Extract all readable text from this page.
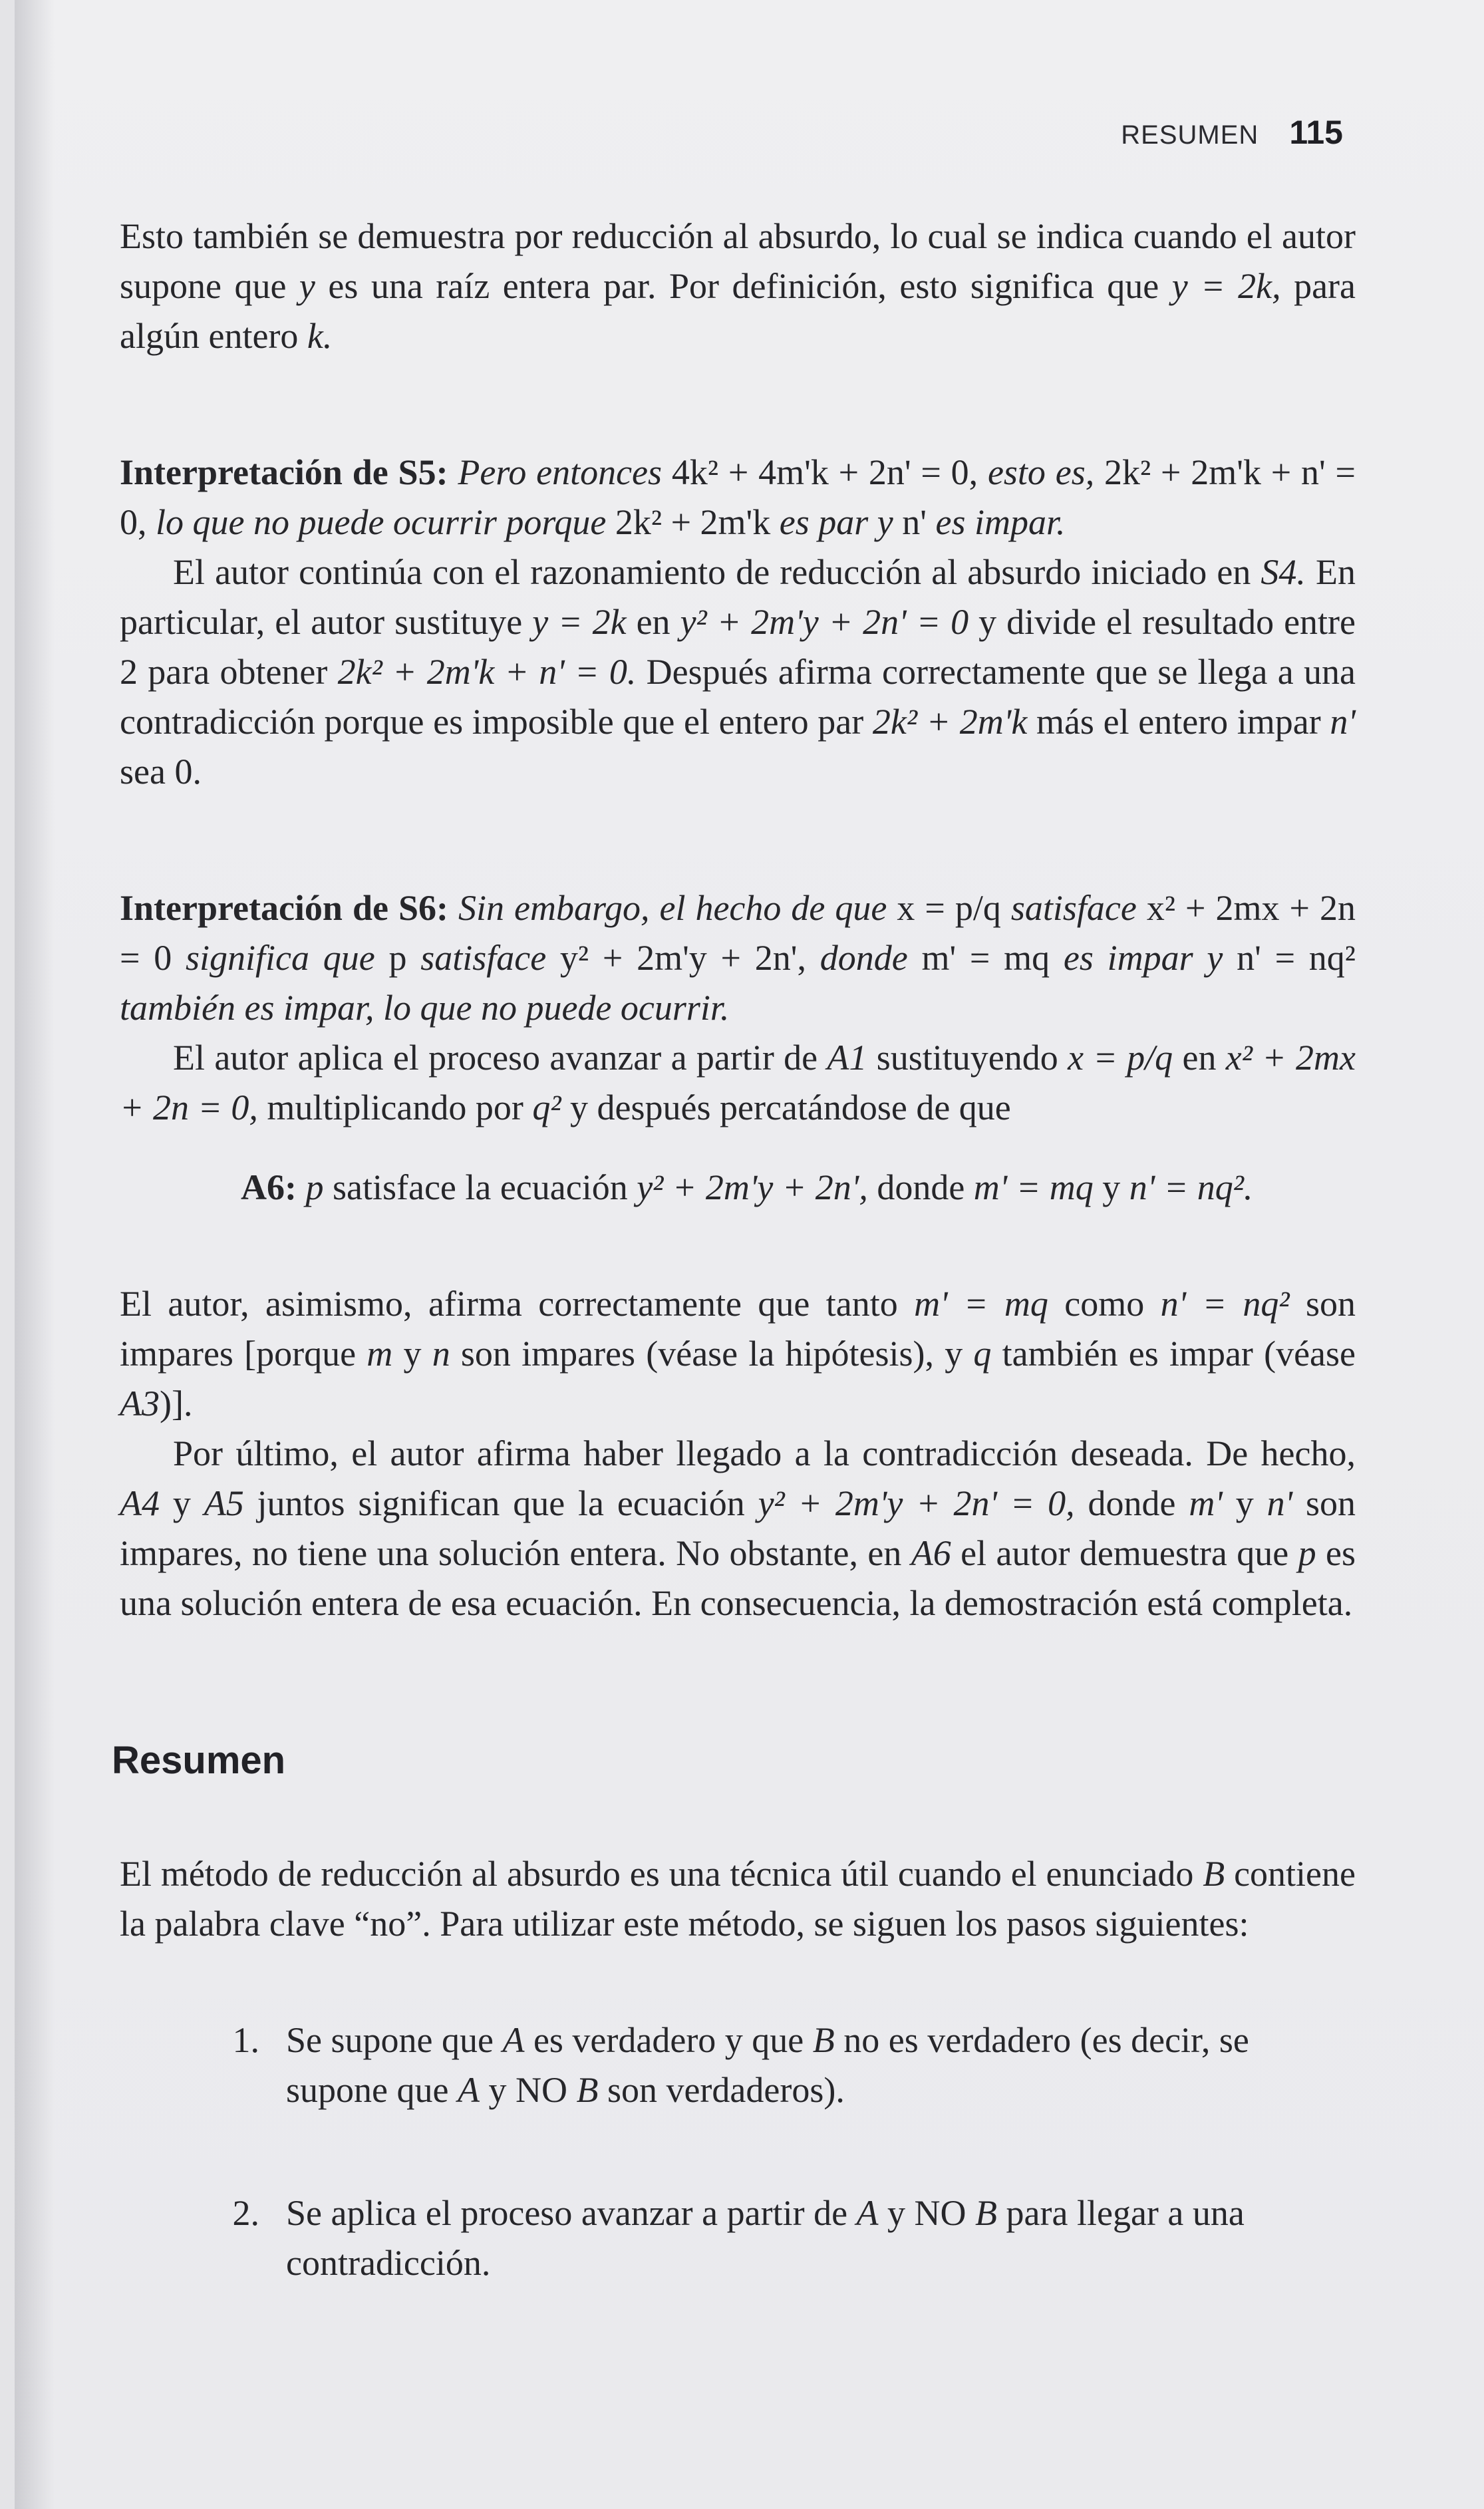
RESUMEN 115

Esto también se demuestra por reducción al absurdo, lo cual se indica cuando el autor supone que y es una raíz entera par. Por definición, esto significa que y = 2k, para algún entero k.

Interpretación de S5: Pero entonces 4k² + 4m'k + 2n' = 0, esto es, 2k² + 2m'k + n' = 0, lo que no puede ocurrir porque 2k² + 2m'k es par y n' es impar.

El autor continúa con el razonamiento de reducción al absurdo iniciado en S4. En particular, el autor sustituye y = 2k en y² + 2m'y + 2n' = 0 y divide el resultado entre 2 para obtener 2k² + 2m'k + n' = 0. Después afirma correctamente que se llega a una contradicción porque es imposible que el entero par 2k² + 2m'k más el entero impar n' sea 0.

Interpretación de S6: Sin embargo, el hecho de que x = p/q satisface x² + 2mx + 2n = 0 significa que p satisface y² + 2m'y + 2n', donde m' = mq es impar y n' = nq² también es impar, lo que no puede ocurrir.

El autor aplica el proceso avanzar a partir de A1 sustituyendo x = p/q en x² + 2mx + 2n = 0, multiplicando por q² y después percatándose de que

A6: p satisface la ecuación y² + 2m'y + 2n', donde m' = mq y n' = nq².

El autor, asimismo, afirma correctamente que tanto m' = mq como n' = nq² son impares [porque m y n son impares (véase la hipótesis), y q también es impar (véase A3)].

Por último, el autor afirma haber llegado a la contradicción deseada. De hecho, A4 y A5 juntos significan que la ecuación y² + 2m'y + 2n' = 0, donde m' y n' son impares, no tiene una solución entera. No obstante, en A6 el autor demuestra que p es una solución entera de esa ecuación. En consecuencia, la demostración está completa.

Resumen

El método de reducción al absurdo es una técnica útil cuando el enunciado B contiene la palabra clave “no”. Para utilizar este método, se siguen los pasos siguientes:

1. Se supone que A es verdadero y que B no es verdadero (es decir, se supone que A y NO B son verdaderos).
2. Se aplica el proceso avanzar a partir de A y NO B para llegar a una contradicción.
